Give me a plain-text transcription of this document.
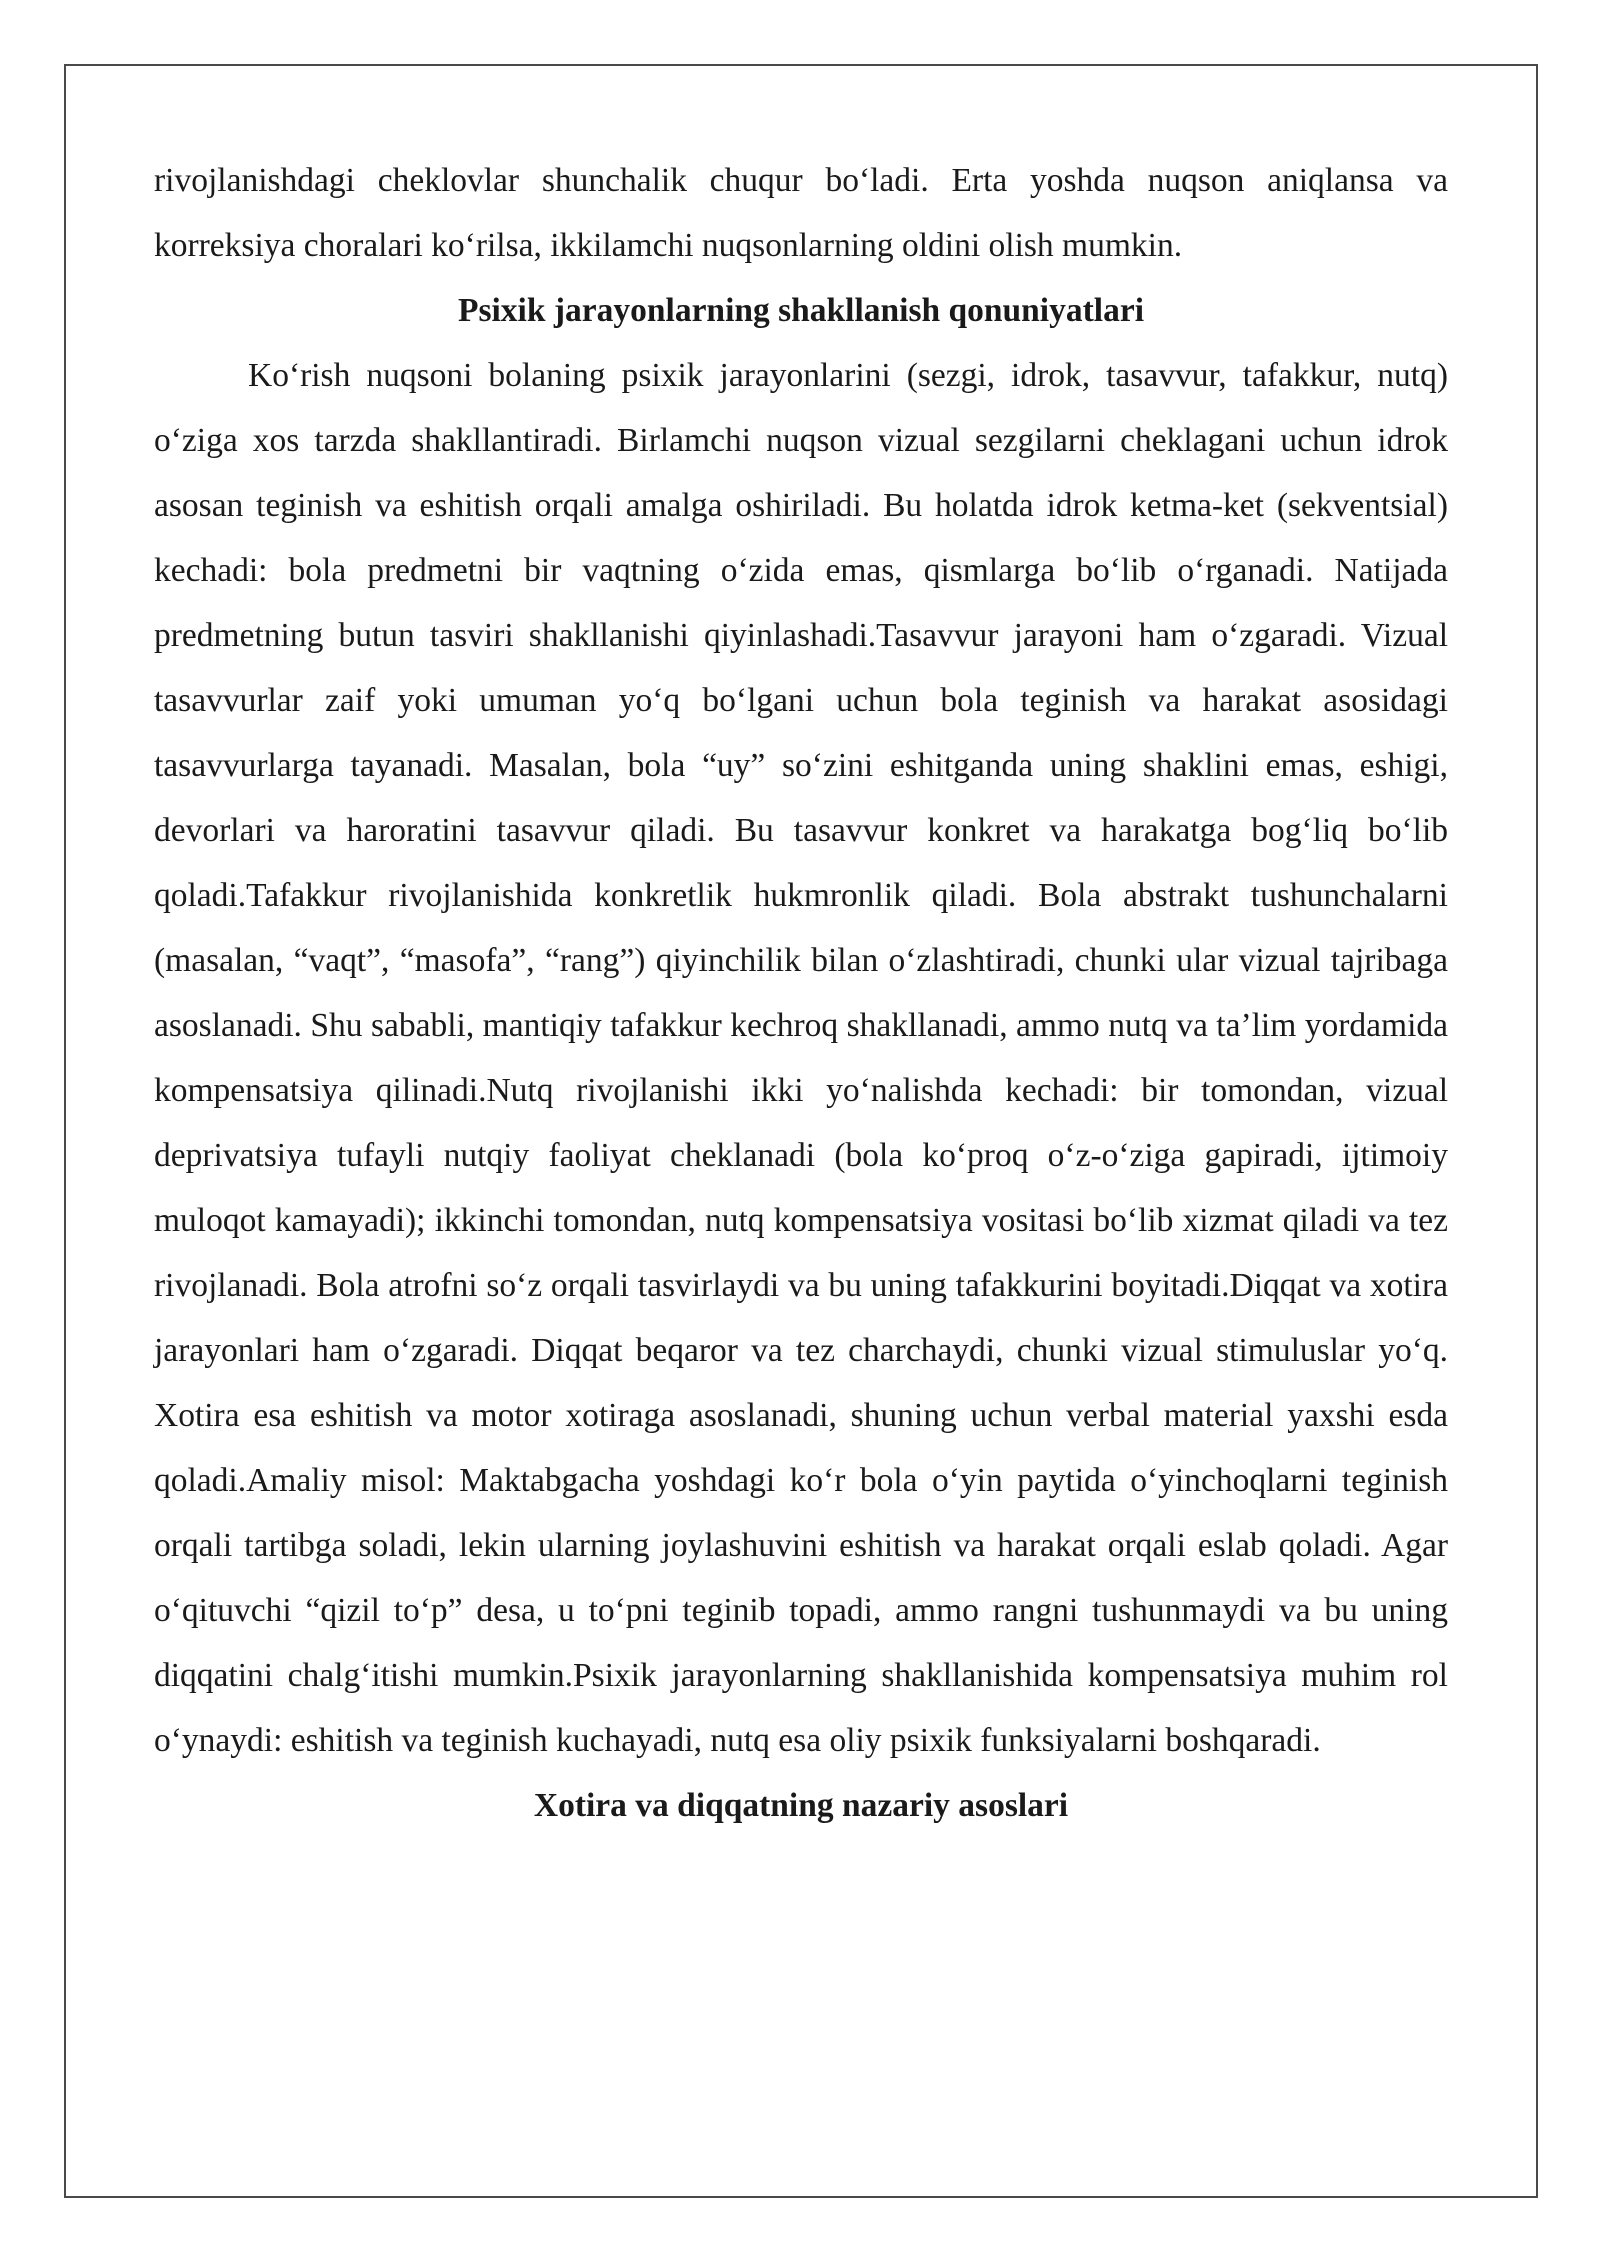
rivojlanishdagi cheklovlar shunchalik chuqur bo‘ladi. Erta yoshda nuqson aniqlansa va korreksiya choralari ko‘rilsa, ikkilamchi nuqsonlarning oldini olish mumkin.

Psixik jarayonlarning shakllanish qonuniyatlari

Ko‘rish nuqsoni bolaning psixik jarayonlarini (sezgi, idrok, tasavvur, tafakkur, nutq) o‘ziga xos tarzda shakllantiradi. Birlamchi nuqson vizual sezgilarni cheklagani uchun idrok asosan teginish va eshitish orqali amalga oshiriladi. Bu holatda idrok ketma-ket (sekventsial) kechadi: bola predmetni bir vaqtning o‘zida emas, qismlarga bo‘lib o‘rganadi. Natijada predmetning butun tasviri shakllanishi qiyinlashadi.Tasavvur jarayoni ham o‘zgaradi. Vizual tasavvurlar zaif yoki umuman yo‘q bo‘lgani uchun bola teginish va harakat asosidagi tasavvurlarga tayanadi. Masalan, bola “uy” so‘zini eshitganda uning shaklini emas, eshigi, devorlari va haroratini tasavvur qiladi. Bu tasavvur konkret va harakatga bog‘liq bo‘lib qoladi.Tafakkur rivojlanishida konkretlik hukmronlik qiladi. Bola abstrakt tushunchalarni (masalan, “vaqt”, “masofa”, “rang”) qiyinchilik bilan o‘zlashtiradi, chunki ular vizual tajribaga asoslanadi. Shu sababli, mantiqiy tafakkur kechroq shakllanadi, ammo nutq va ta’lim yordamida kompensatsiya qilinadi.Nutq rivojlanishi ikki yo‘nalishda kechadi: bir tomondan, vizual deprivatsiya tufayli nutqiy faoliyat cheklanadi (bola ko‘proq o‘z-o‘ziga gapiradi, ijtimoiy muloqot kamayadi); ikkinchi tomondan, nutq kompensatsiya vositasi bo‘lib xizmat qiladi va tez rivojlanadi. Bola atrofni so‘z orqali tasvirlaydi va bu uning tafakkurini boyitadi.Diqqat va xotira jarayonlari ham o‘zgaradi. Diqqat beqaror va tez charchaydi, chunki vizual stimuluslar yo‘q. Xotira esa eshitish va motor xotiraga asoslanadi, shuning uchun verbal material yaxshi esda qoladi.Amaliy misol: Maktabgacha yoshdagi ko‘r bola o‘yin paytida o‘yinchoqlarni teginish orqali tartibga soladi, lekin ularning joylashuvini eshitish va harakat orqali eslab qoladi. Agar o‘qituvchi “qizil to‘p” desa, u to‘pni teginib topadi, ammo rangni tushunmaydi va bu uning diqqatini chalg‘itishi mumkin.Psixik jarayonlarning shakllanishida kompensatsiya muhim rol o‘ynaydi: eshitish va teginish kuchayadi, nutq esa oliy psixik funksiyalarni boshqaradi.

Xotira va diqqatning nazariy asoslari
